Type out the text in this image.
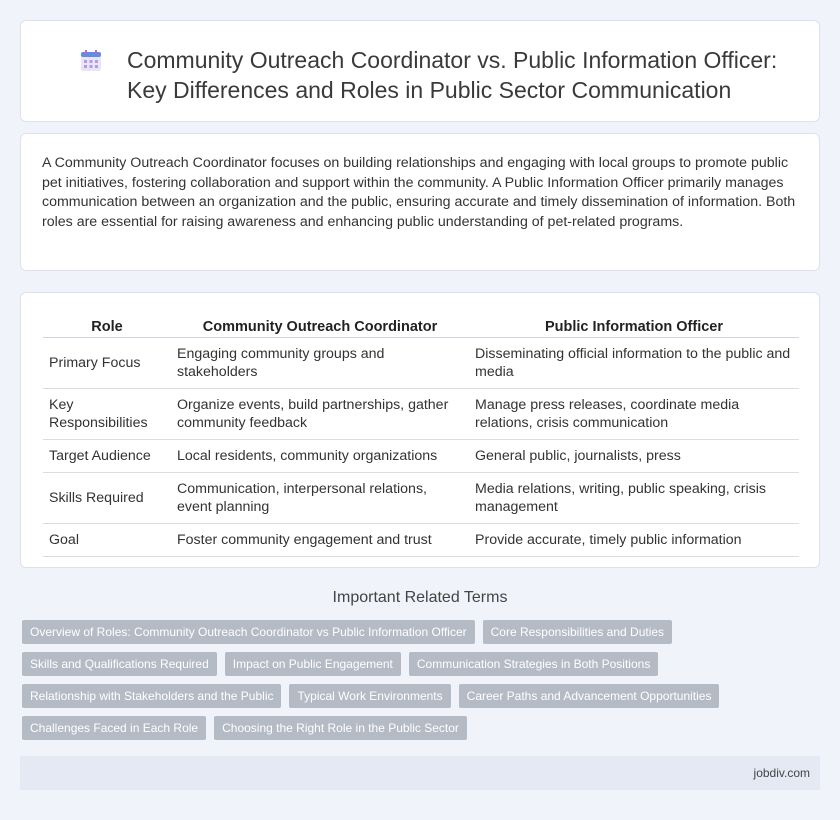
Community Outreach Coordinator vs. Public Information Officer: Key Differences and Roles in Public Sector Communication

A Community Outreach Coordinator focuses on building relationships and engaging with local groups to promote public pet initiatives, fostering collaboration and support within the community. A Public Information Officer primarily manages communication between an organization and the public, ensuring accurate and timely dissemination of information. Both roles are essential for raising awareness and enhancing public understanding of pet-related programs.

Role	Community Outreach Coordinator	Public Information Officer
Primary Focus	Engaging community groups and stakeholders	Disseminating official information to the public and media
Key Responsibilities	Organize events, build partnerships, gather community feedback	Manage press releases, coordinate media relations, crisis communication
Target Audience	Local residents, community organizations	General public, journalists, press
Skills Required	Communication, interpersonal relations, event planning	Media relations, writing, public speaking, crisis management
Goal	Foster community engagement and trust	Provide accurate, timely public information
Important Related Terms
Overview of Roles: Community Outreach Coordinator vs Public Information Officer	Core Responsibilities and Duties
Skills and Qualifications Required	Impact on Public Engagement	Communication Strategies in Both Positions
Relationship with Stakeholders and the Public	Typical Work Environments	Career Paths and Advancement Opportunities
Challenges Faced in Each Role	Choosing the Right Role in the Public Sector
jobdiv.com
